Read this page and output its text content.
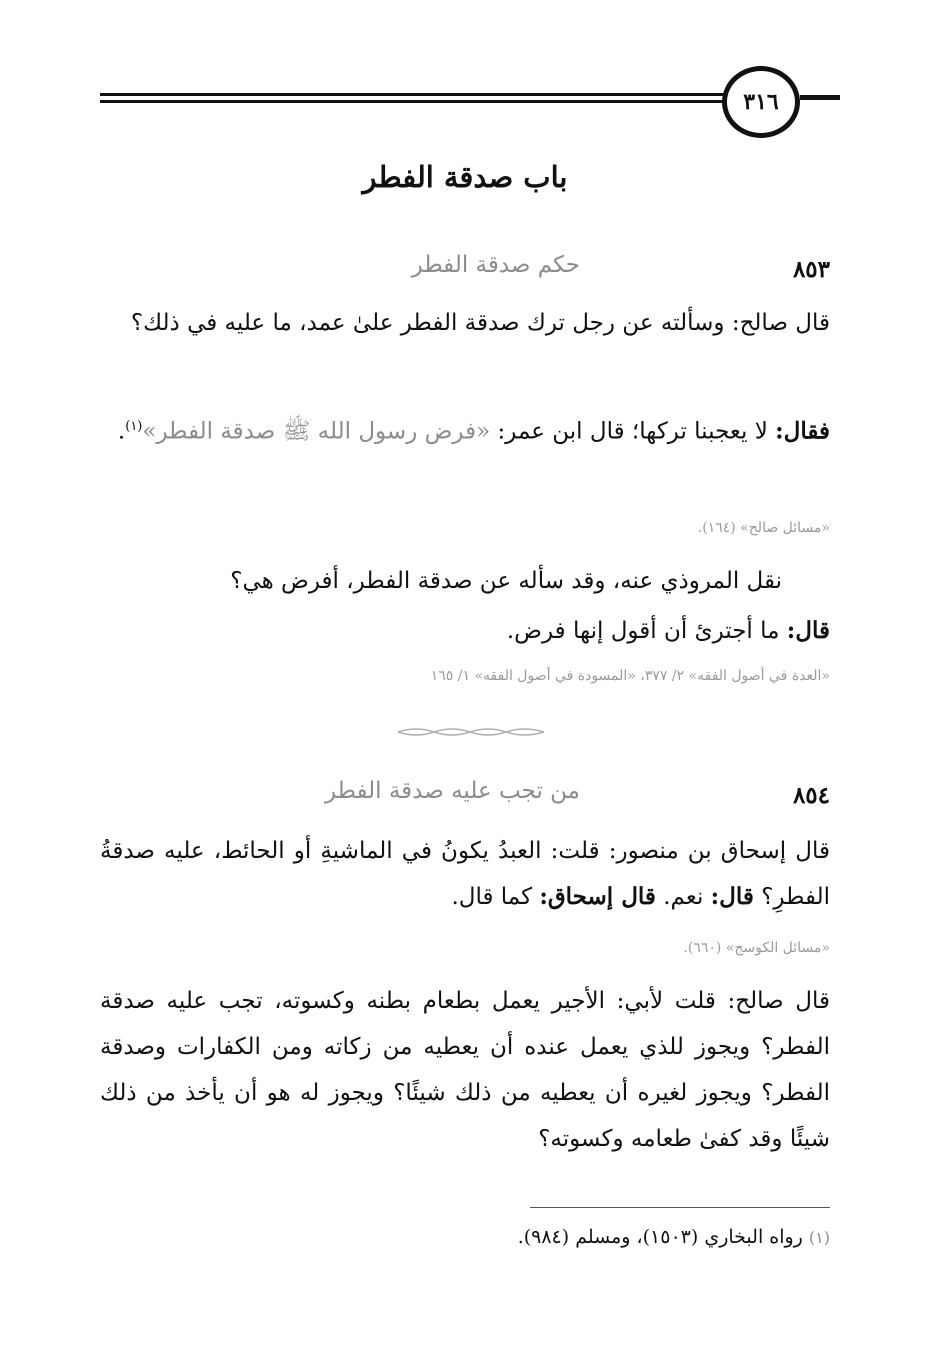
٣١٦
باب صدقة الفطر
٨٥٣
حكم صدقة الفطر
قال صالح: وسألته عن رجل ترك صدقة الفطر علىٰ عمد، ما عليه في ذلك؟
فقال: لا يعجبنا تركها؛ قال ابن عمر: «فرض رسول الله ﷺ صدقة الفطر»$^{(١)}$.
«مسائل صالح» (١٦٤).
نقل المروذي عنه، وقد سأله عن صدقة الفطر، أفرض هي؟
قال: ما أجترئ أن أقول إنها فرض.
«العدة في أصول الفقه» ٢/ ٣٧٧، «المسودة في أصول الفقه» ١/ ١٦٥
٨٥٤
من تجب عليه صدقة الفطر
قال إسحاق بن منصور: قلت: العبدُ يكونُ في الماشيةِ أو الحائط، عليه صدقةُ الفطرِ؟ قال: نعم. قال إسحاق: كما قال.
«مسائل الكوسج» (٦٦٠).
قال صالح: قلت لأبي: الأجير يعمل بطعام بطنه وكسوته، تجب عليه صدقة الفطر؟ ويجوز للذي يعمل عنده أن يعطيه من زكاته ومن الكفارات وصدقة الفطر؟ ويجوز لغيره أن يعطيه من ذلك شيئًا؟ ويجوز له هو أن يأخذ من ذلك شيئًا وقد كفىٰ طعامه وكسوته؟
(١) رواه البخاري (١٥٠٣)، ومسلم (٩٨٤).
